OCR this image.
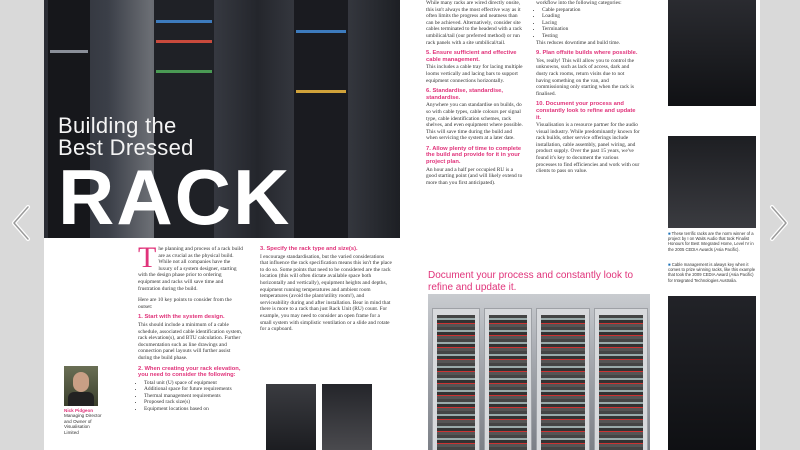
Building the
Best Dressed
RACK
T he planning and process of a rack build are as crucial as the physical build. While not all companies have the luxury of a system designer, starting with the design phase prior to ordering equipment and racks will save time and frustration during the build.
Here are 10 key points to consider from the outset:
1. Start with the system design.
This should include a minimum of a cable schedule, associated cable identification system, rack elevation(s), and BTU calculation. Further documentation such as line drawings and connection panel layouts will further assist during the build phase.
2. When creating your rack elevation, you need to consider the following:
• Total unit (U) space of equipment
• Additional space for future requirements
• Thermal management requirements
• Proposed rack size(s)
• Equipment locations based on
3. Specify the rack type and size(s).
I encourage standardisation, but the varied considerations that influence the rack specification means this isn't the place to do so. Some points that need to be considered are the rack location (this will often dictate available space both horizontally and vertically), equipment heights and depths, equipment running temperatures and ambient room temperatures (avoid the plant/utility room!), and serviceability during and after installation. Bear in mind that there is more to a rack than just Rack Unit (RU) count. For example, you may need to consider an open frame for a small system with simplistic ventilation or a slide and rotate for a cupboard.
Nick Pidgeon
Managing Director and Owner of Visualisation Limited
While many racks are wired directly onsite, this isn't always the most effective way as it often limits the progress and neatness than can be achieved. Alternatively, consider site cables terminated to the headend with a rack umbilical/tail (our preferred method) or run rack panels with a site umbilical/tail.
5. Ensure sufficient and effective cable management.
This includes a cable tray for lacing multiple looms vertically and lacing bars to support equipment connections horizontally.
6. Standardise, standardise, standardise.
Anywhere you can standardise on builds, do so with cable types, cable colours per signal type, cable identification schemes, rack shelves, and even equipment where possible. This will save time during the build and when servicing the system at a later date.
7. Allow plenty of time to complete the build and provide for it in your project plan.
An hour and a half per occupied RU is a good starting point (and will likely extend to more than you first anticipated).
workflow into the following categories:
• Cable preparation
• Loading
• Lacing
• Termination
• Testing
This reduces downtime and build time.
9. Plan offsite builds where possible.
Yes, really! This will allow you to control the unknowns, such as lack of access, dark and dusty rack rooms, return visits due to not having something on the van, and commissioning only starting when the rack is finalised.
10. Document your process and constantly look to refine and update it.
Visualisation is a resource partner for the audio visual industry. While predominantly known for rack builds, other service offerings include installation, cable assembly, panel wiring, and product supply. Over the past 15 years, we've found it's key to document the various processes to find efficiencies and work with our clients to pass on value.
Document your process and constantly look to refine and update it.
■ These terrific racks are the norm winner of a project by I on Waits Audio that took Finalist Honours for Best Integrated Home, Level IV in the 2005 CEDIA Awards (Asia Pacific).
■ Cable management is always key when it comes to prize winning racks, like this example that took the 2009 CEDIA Award (Asia Pacific) for Integrated Technologies Australia.
